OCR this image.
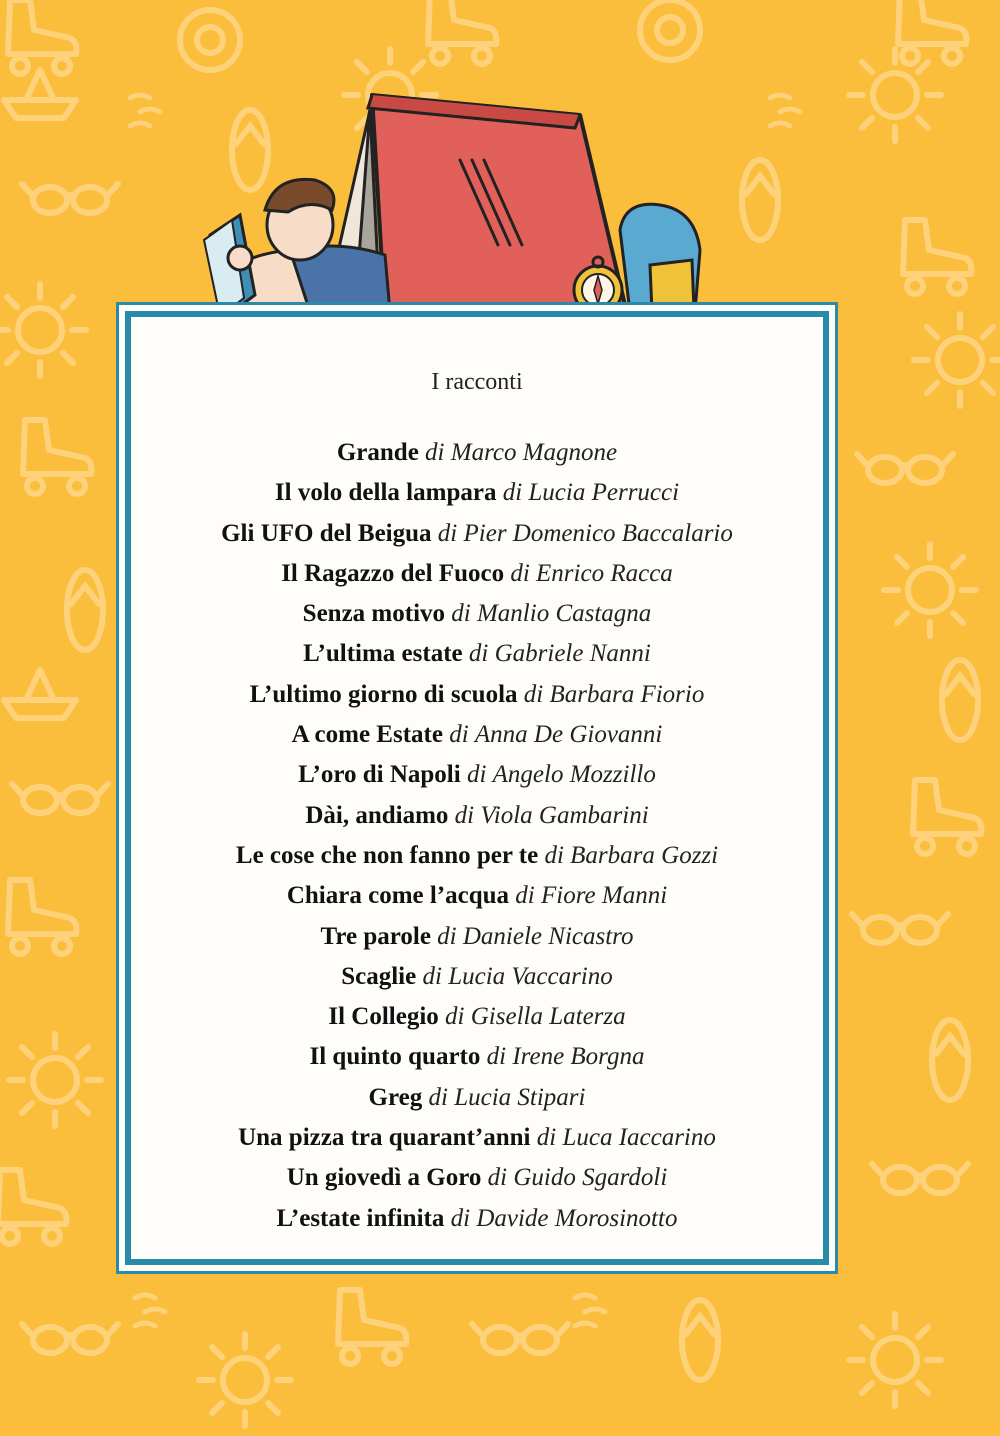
I racconti
Grande di Marco Magnone
Il volo della lampara di Lucia Perrucci
Gli UFO del Beigua di Pier Domenico Baccalario
Il Ragazzo del Fuoco di Enrico Racca
Senza motivo di Manlio Castagna
L’ultima estate di Gabriele Nanni
L’ultimo giorno di scuola di Barbara Fiorio
A come Estate di Anna De Giovanni
L’oro di Napoli di Angelo Mozzillo
Dài, andiamo di Viola Gambarini
Le cose che non fanno per te di Barbara Gozzi
Chiara come l’acqua di Fiore Manni
Tre parole di Daniele Nicastro
Scaglie di Lucia Vaccarino
Il Collegio di Gisella Laterza
Il quinto quarto di Irene Borgna
Greg di Lucia Stipari
Una pizza tra quarant’anni di Luca Iaccarino
Un giovedì a Goro di Guido Sgardoli
L’estate infinita di Davide Morosinotto
